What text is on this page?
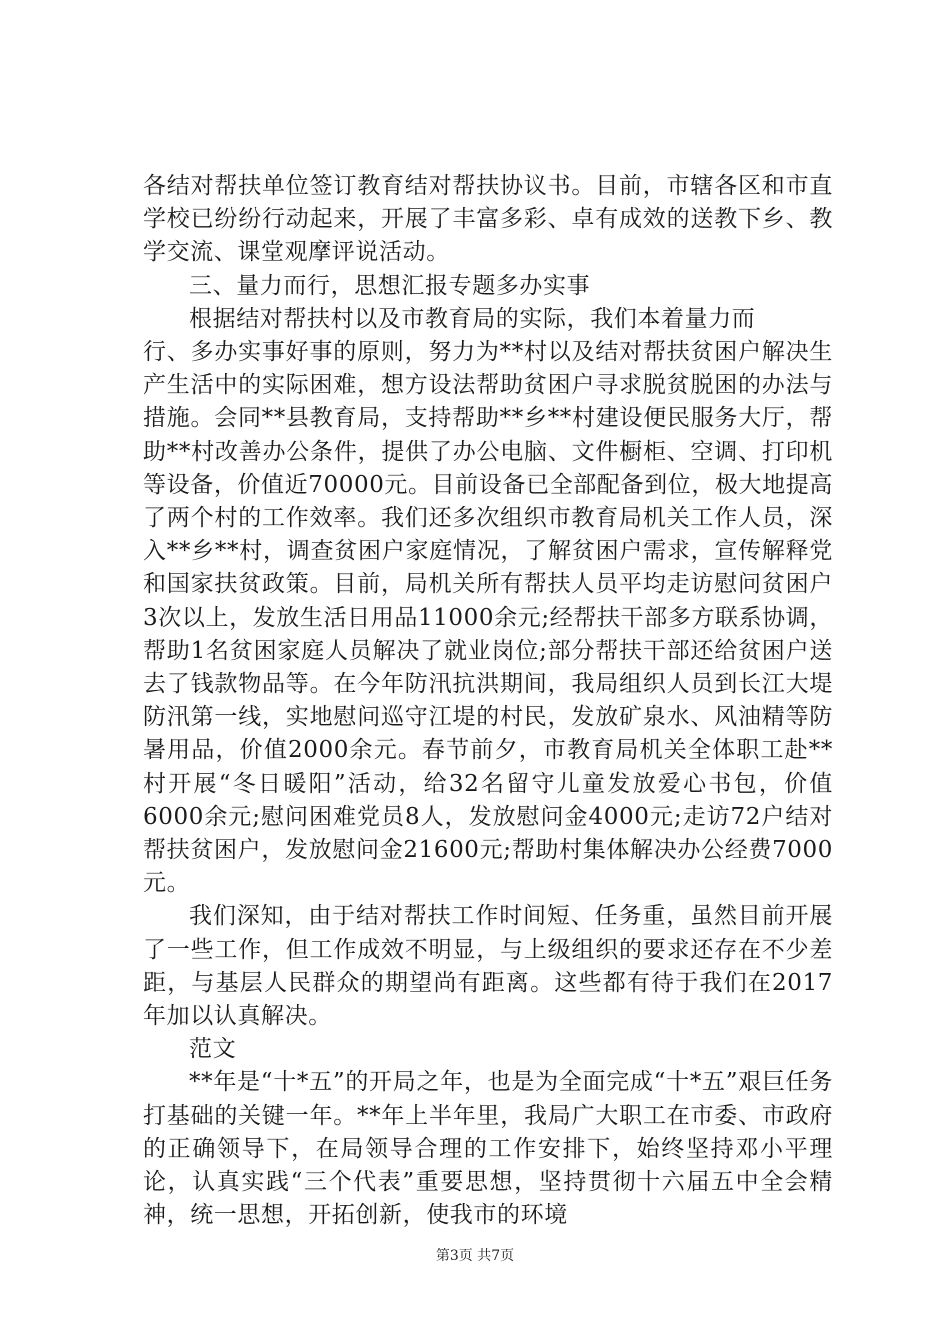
各结对帮扶单位签订教育结对帮扶协议书。目前，市辖各区和市直学校已纷纷行动起来，开展了丰富多彩、卓有成效的送教下乡、教学交流、课堂观摩评说活动。

三、量力而行，思想汇报专题多办实事

根据结对帮扶村以及市教育局的实际，我们本着量力而

行、多办实事好事的原则，努力为**村以及结对帮扶贫困户解决生产生活中的实际困难，想方设法帮助贫困户寻求脱贫脱困的办法与措施。会同**县教育局，支持帮助**乡**村建设便民服务大厅，帮助**村改善办公条件，提供了办公电脑、文件橱柜、空调、打印机等设备，价值近70000元。目前设备已全部配备到位，极大地提高了两个村的工作效率。我们还多次组织市教育局机关工作人员，深入**乡**村，调查贫困户家庭情况，了解贫困户需求，宣传解释党和国家扶贫政策。目前，局机关所有帮扶人员平均走访慰问贫困户3次以上，发放生活日用品11000余元;经帮扶干部多方联系协调，帮助1名贫困家庭人员解决了就业岗位;部分帮扶干部还给贫困户送去了钱款物品等。在今年防汛抗洪期间，我局组织人员到长江大堤防汛第一线，实地慰问巡守江堤的村民，发放矿泉水、风油精等防暑用品，价值2000余元。春节前夕，市教育局机关全体职工赴**村开展“冬日暖阳”活动，给32名留守儿童发放爱心书包，价值6000余元;慰问困难党员8人，发放慰问金4000元;走访72户结对帮扶贫困户，发放慰问金21600元;帮助村集体解决办公经费7000元。

我们深知，由于结对帮扶工作时间短、任务重，虽然目前开展了一些工作，但工作成效不明显，与上级组织的要求还存在不少差距，与基层人民群众的期望尚有距离。这些都有待于我们在2017年加以认真解决。

范文

**年是“十*五”的开局之年，也是为全面完成“十*五”艰巨任务打基础的关键一年。**年上半年里，我局广大职工在市委、市政府的正确领导下，在局领导合理的工作安排下，始终坚持邓小平理论，认真实践“三个代表”重要思想，坚持贯彻十六届五中全会精神，统一思想，开拓创新，使我市的环境

第3页 共7页
